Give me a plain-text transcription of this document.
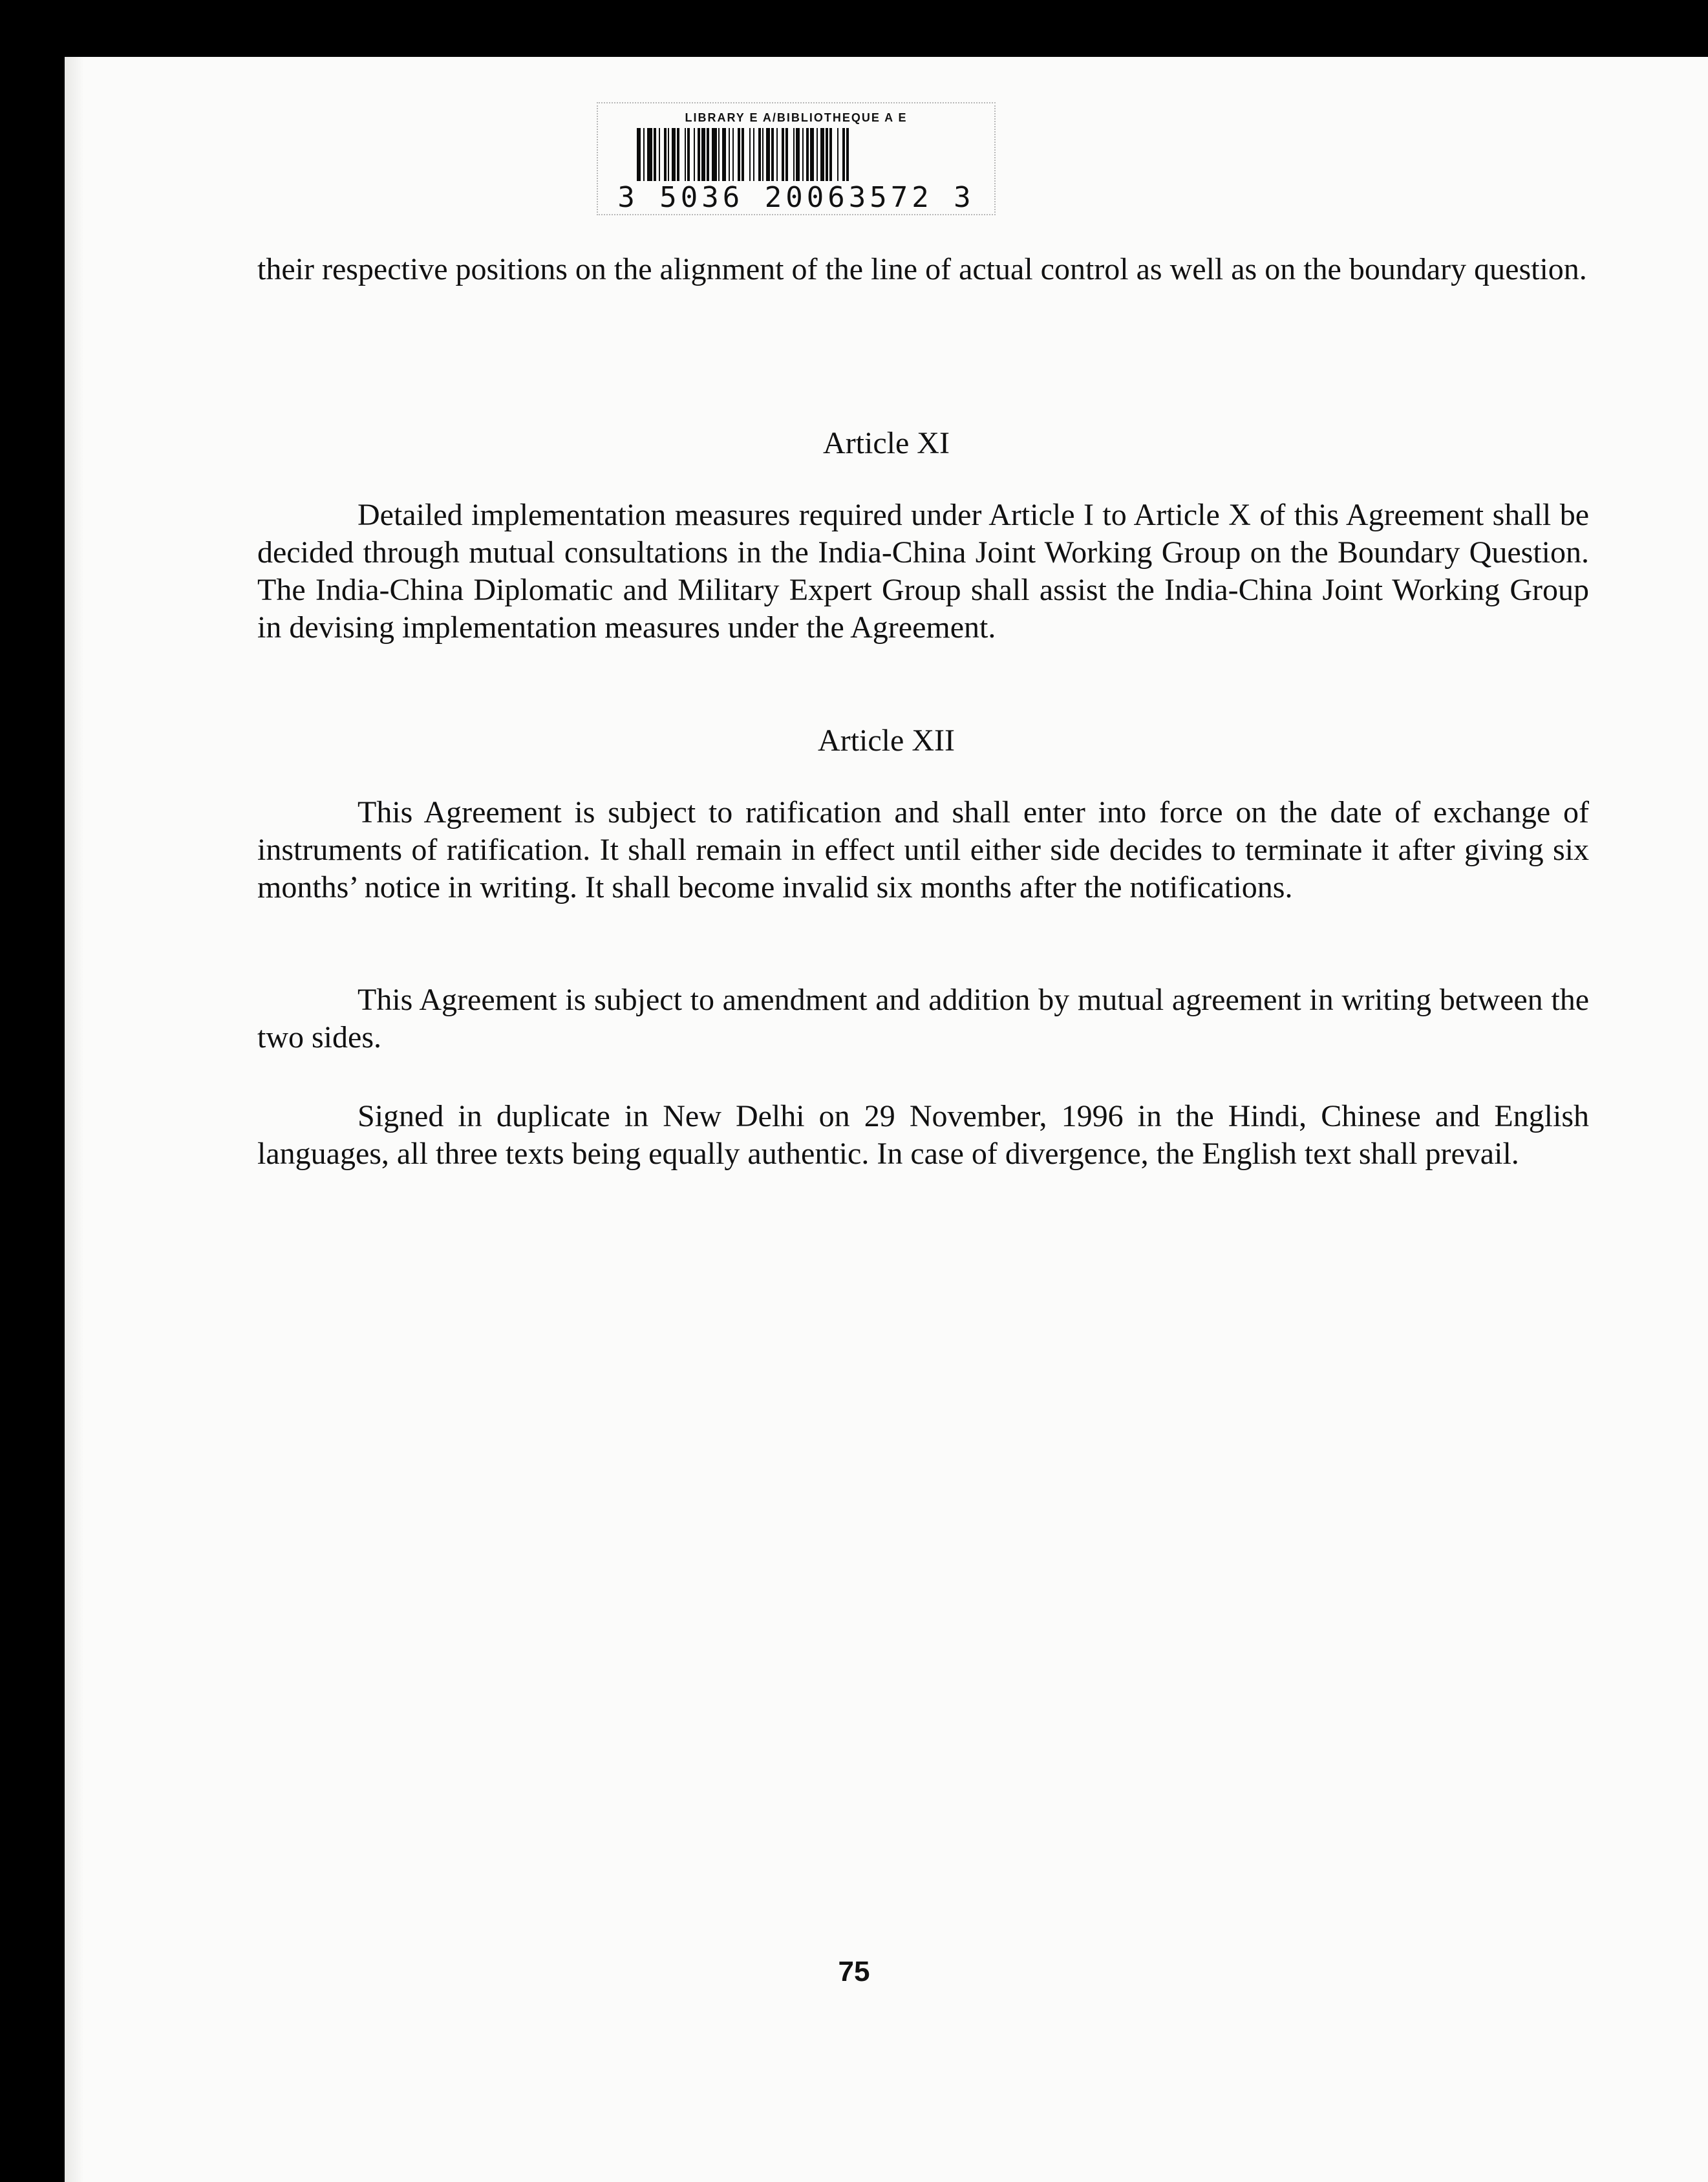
LIBRARY E A/BIBLIOTHEQUE A E
3 5036 20063572 3
their respective positions on the alignment of the line of actual control as well as on the boundary question.
Article XI
Detailed implementation measures required under Article I to Article X of this Agreement shall be decided through mutual consultations in the India-China Joint Working Group on the Boundary Question. The India-China Diplomatic and Military Expert Group shall assist the India-China Joint Working Group in devising implementation measures under the Agreement.
Article XII
This Agreement is subject to ratification and shall enter into force on the date of exchange of instruments of ratification. It shall remain in effect until either side decides to terminate it after giving six months’ notice in writing. It shall become invalid six months after the notifications.
This Agreement is subject to amendment and addition by mutual agreement in writing between the two sides.
Signed in duplicate in New Delhi on 29 November, 1996 in the Hindi, Chinese and English languages, all three texts being equally authentic. In case of divergence, the English text shall prevail.
75
